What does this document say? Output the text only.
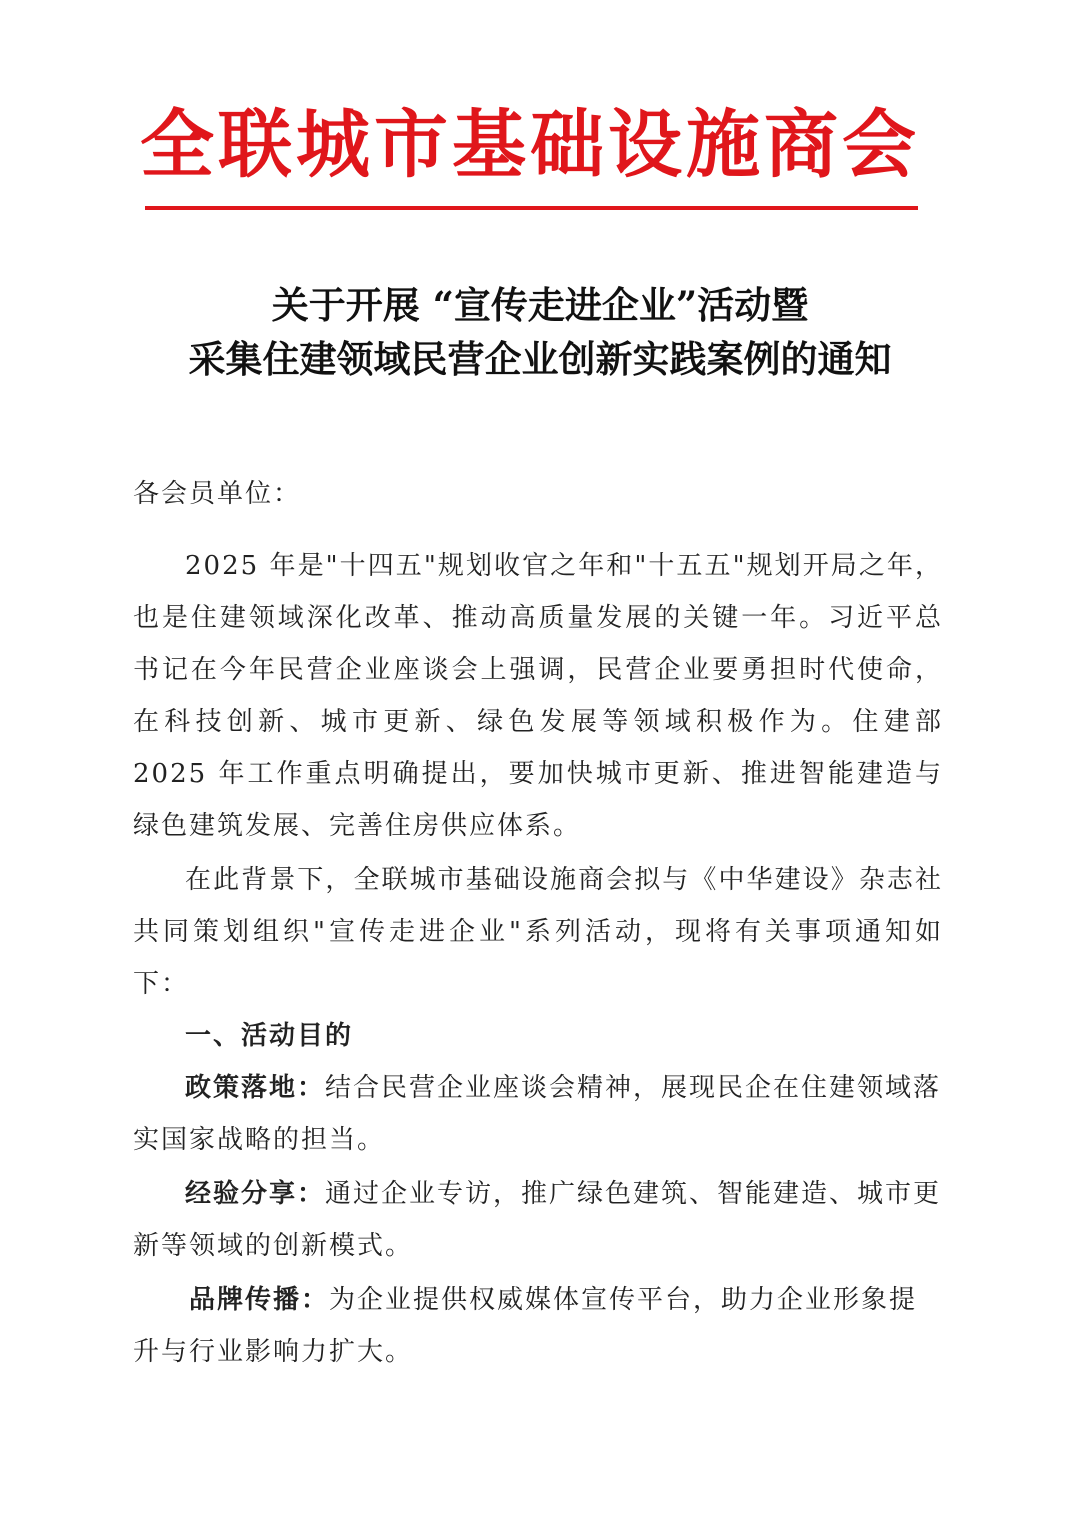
全联城市基础设施商会
关于开展 “宣传走进企业”活动暨
采集住建领域民营企业创新实践案例的通知
各会员单位：
2025 年是"十四五"规划收官之年和"十五五"规划开局之年，也是住建领域深化改革、推动高质量发展的关键一年。习近平总书记在今年民营企业座谈会上强调，民营企业要勇担时代使命，在科技创新、城市更新、绿色发展等领域积极作为。住建部 2025 年工作重点明确提出，要加快城市更新、推进智能建造与绿色建筑发展、完善住房供应体系。
在此背景下，全联城市基础设施商会拟与《中华建设》杂志社共同策划组织"宣传走进企业"系列活动，现将有关事项通知如下：
一、活动目的
政策落地：结合民营企业座谈会精神，展现民企在住建领域落实国家战略的担当。
经验分享：通过企业专访，推广绿色建筑、智能建造、城市更新等领域的创新模式。
品牌传播：为企业提供权威媒体宣传平台，助力企业形象提升与行业影响力扩大。
